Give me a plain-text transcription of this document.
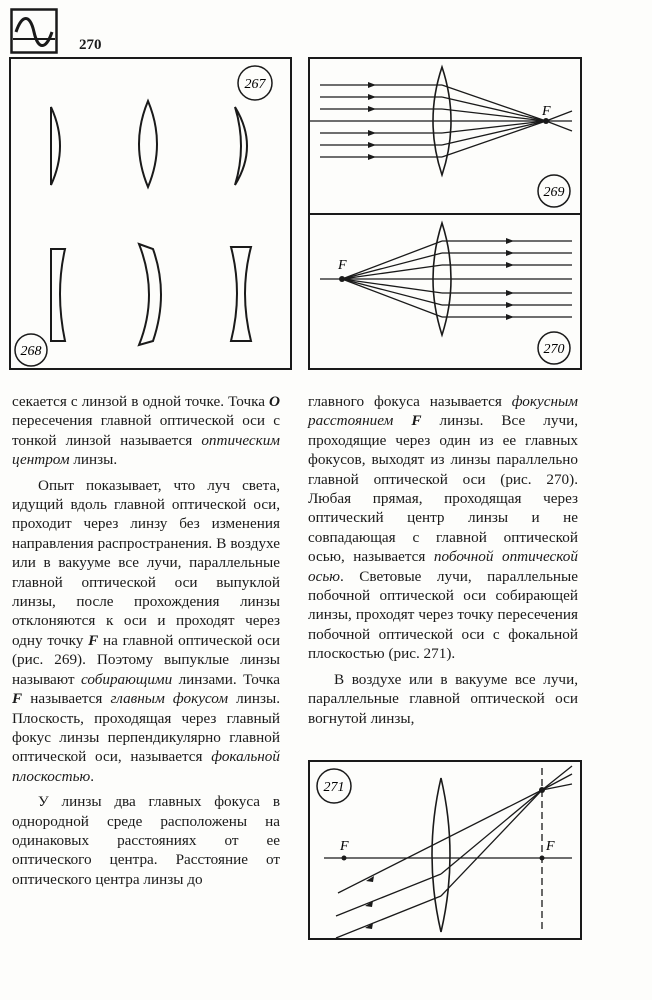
270
267
268
F
269
F
270
F	F
271

секается с линзой в одной точке. Точка O пересечения главной оптической оси с тонкой линзой называется оптическим центром линзы.

Опыт показывает, что луч света, идущий вдоль главной оптической оси, проходит через линзу без изменения направления распространения. В воздухе или в вакууме все лучи, параллельные главной оптической оси выпуклой линзы, после прохождения линзы отклоняются к оси и проходят через одну точку F на главной оптической оси (рис. 269). Поэтому выпуклые линзы называют собирающими линзами. Точка F называется главным фокусом линзы. Плоскость, проходящая через главный фокус линзы перпендикулярно главной оптической оси, называется фокальной плоскостью.

У линзы два главных фокуса в однородной среде расположены на одинаковых расстояниях от ее оптического центра. Расстояние от оптического центра линзы до

главного фокуса называется фокусным расстоянием F линзы. Все лучи, проходящие через один из ее главных фокусов, выходят из линзы параллельно главной оптической оси (рис. 270). Любая прямая, проходящая через оптический центр линзы и не совпадающая с главной оптической осью, называется побочной оптической осью. Световые лучи, параллельные побочной оптической оси собирающей линзы, проходят через точку пересечения побочной оптической оси с фокальной плоскостью (рис. 271).

В воздухе или в вакууме все лучи, параллельные главной оптической оси вогнутой линзы,
